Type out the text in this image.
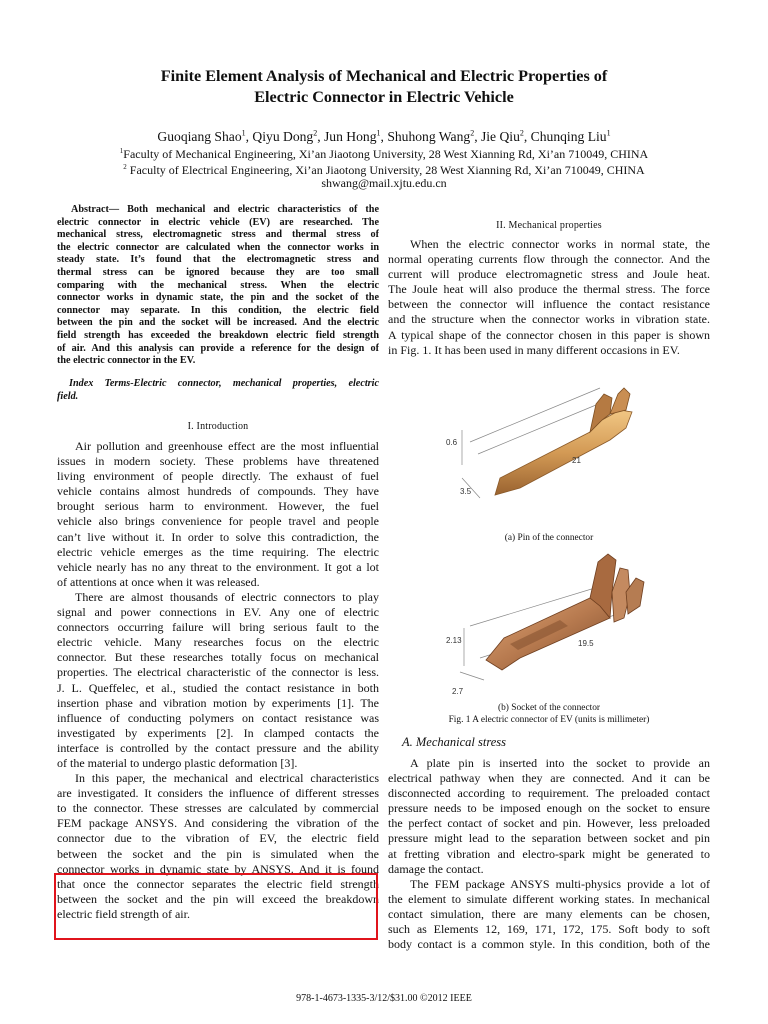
Finite Element Analysis of Mechanical and Electric Properties of
Electric Connector in Electric Vehicle
Guoqiang Shao$^1$, Qiyu Dong$^2$, Jun Hong$^1$, Shuhong Wang$^2$, Jie Qiu$^2$, Chunqing Liu$^1$
$^1$Faculty of Mechanical Engineering, Xi’an Jiaotong University, 28 West Xianning Rd, Xi’an 710049, CHINA
$^2$ Faculty of Electrical Engineering, Xi’an Jiaotong University, 28 West Xianning Rd, Xi’an 710049, CHINA
shwang@mail.xjtu.edu.cn
Abstract— Both mechanical and electric characteristics of the
electric connector in electric vehicle (EV) are researched. The
mechanical stress, electromagnetic stress and thermal stress of
the electric connector are calculated when the connector works in
steady state. It’s found that the electromagnetic stress and
thermal stress can be ignored because they are too small
comparing with the mechanical stress. When the electric
connector works in dynamic state, the pin and the socket of the
connector may separate. In this condition, the electric field
between the pin and the socket will be increased. And the electric
field strength has exceeded the breakdown electric field strength
of air. And this analysis can provide a reference for the design of
the electric connector in the EV.
Index Terms-Electric connector, mechanical properties, electric
field.
I. Introduction
Air pollution and greenhouse effect are the most influential
issues in modern society. These problems have threatened
living environment of people directly. The exhaust of fuel
vehicle contains almost hundreds of compounds. They have
brought serious harm to environment. However, the fuel
vehicle also brings convenience for people travel and people
can’t live without it. In order to solve this contradiction, the
electric vehicle emerges as the time requiring. The electric
vehicle nearly has no any threat to the environment. It got a lot
of attentions at once when it was released.
There are almost thousands of electric connectors to play
signal and power connections in EV. Any one of electric
connectors occurring failure will bring serious fault to the
electric vehicle. Many researches focus on the electric
connector. But these researches totally focus on mechanical
properties. The electrical characteristic of the connector is less.
J. L. Queffelec, et al., studied the contact resistance in both
insertion phase and vibration motion by experiments [1]. The
influence of conducting polymers on contact resistance was
investigated by experiments [2]. In clamped contacts the
interface is controlled by the contact pressure and the ability
of the material to undergo plastic deformation [3].
In this paper, the mechanical and electrical characteristics
are investigated. It considers the influence of different stresses
to the connector. These stresses are calculated by commercial
FEM package ANSYS. And considering the vibration of the
connector due to the vibration of EV, the electric field
between the socket and the pin is simulated when the
connector works in dynamic state by ANSYS. And it is found
that once the connector separates the electric field strength
between the socket and the pin will exceed the breakdown
electric field strength of air.
II. Mechanical properties
When the electric connector works in normal state, the
normal operating currents flow through the connector. And the
current will produce electromagnetic stress and Joule heat.
The Joule heat will also produce the thermal stress. The force
between the connector will influence the contact resistance
and the structure when the connector works in vibration state.
A typical shape of the connector chosen in this paper is shown
in Fig. 1. It has been used in many different occasions in EV.
0.6
21
3.5
(a) Pin of the connector
2.13	19.5
2.7
(b) Socket of the connector
Fig. 1 A electric connector of EV (units is millimeter)
A. Mechanical stress
A plate pin is inserted into the socket to provide an
electrical pathway when they are connected. And it can be
disconnected according to requirement. The preloaded contact
pressure needs to be imposed enough on the socket to ensure
the perfect contact of socket and pin. However, less preloaded
pressure might lead to the separation between socket and pin
at fretting vibration and electro-spark might be generated to
damage the contact.
The FEM package ANSYS multi-physics provide a lot of
the element to simulate different working states. In mechanical
contact simulation, there are many elements can be chosen,
such as Elements 12, 169, 171, 172, 175. Soft body to soft
body contact is a common style. In this condition, both of the
978-1-4673-1335-3/12/$31.00 ©2012 IEEE
